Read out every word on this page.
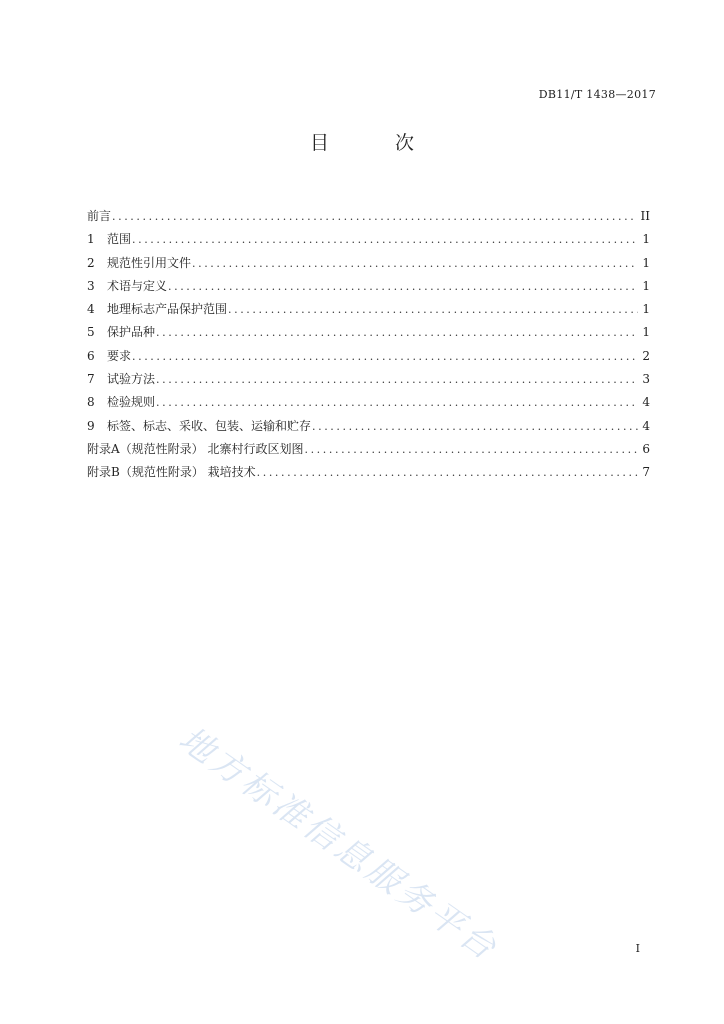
DB11/T 1438—2017
目 次
前言 .....	II
1	范围 .....	1
2	规范性引用文件 .....	1
3	术语与定义 .....	1
4	地理标志产品保护范围 .....	1
5	保护品种 .....	1
6	要求 .....	2
7	试验方法 .....	3
8	检验规则 .....	4
9	标签、标志、采收、包装、运输和贮存 .....	4
附录A（规范性附录） 北寨村行政区划图 .....	6
附录B（规范性附录） 栽培技术 .....	7
地方标准信息服务平台	I
